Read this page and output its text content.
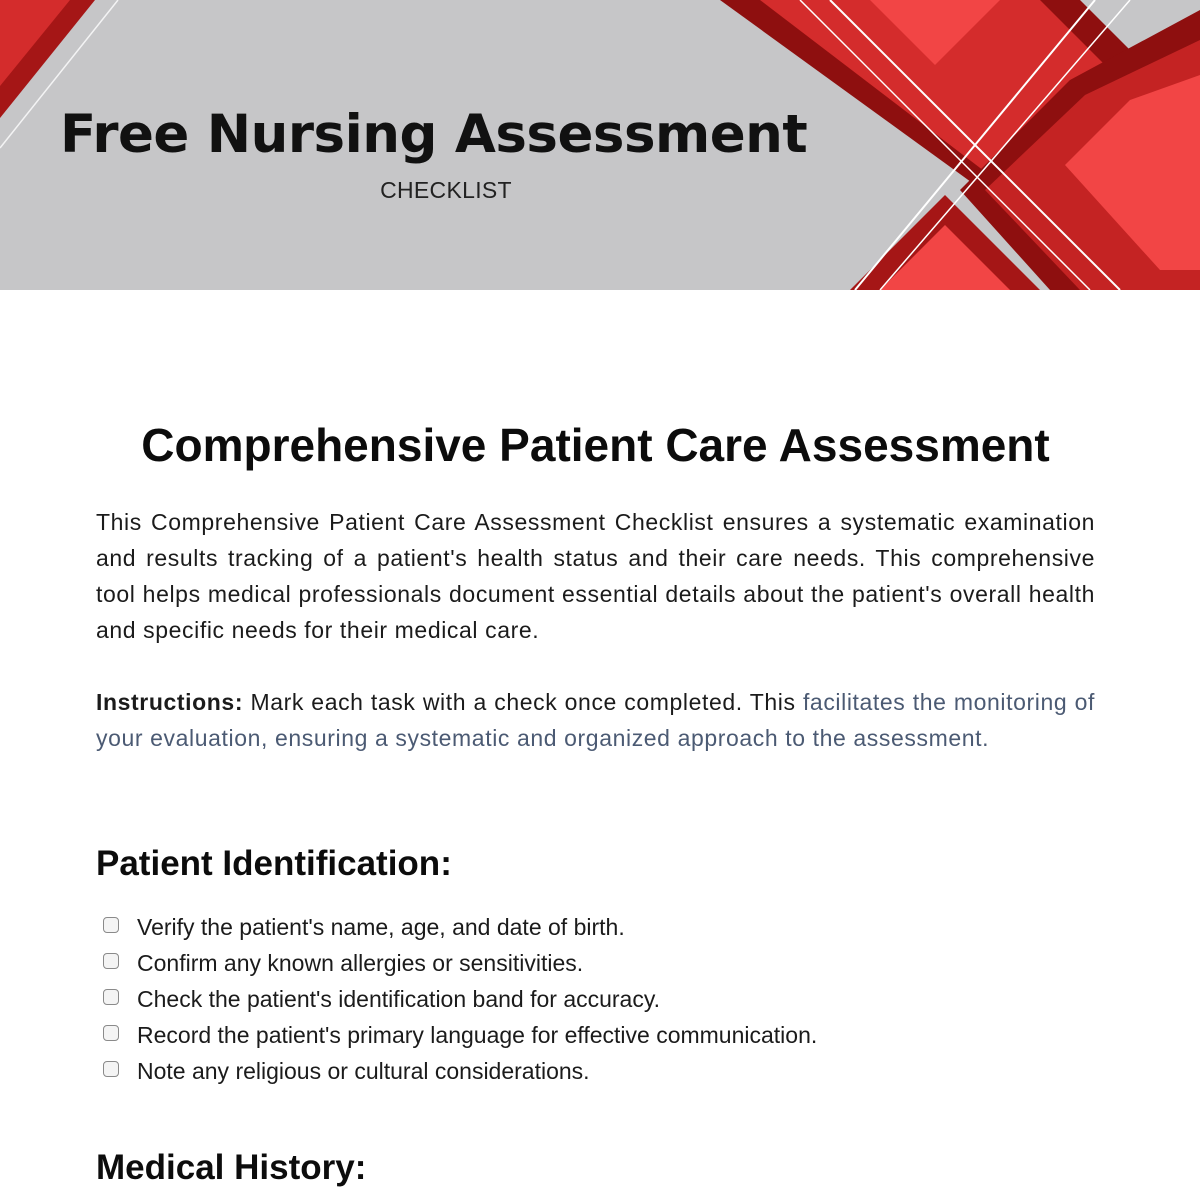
Free Nursing Assessment
CHECKLIST
Comprehensive Patient Care Assessment

This Comprehensive Patient Care Assessment Checklist ensures a systematic examination and results tracking of a patient's health status and their care needs. This comprehensive tool helps medical professionals document essential details about the patient's overall health and specific needs for their medical care.

Instructions: Mark each task with a check once completed. This facilitates the monitoring of your evaluation, ensuring a systematic and organized approach to the assessment.

Patient Identification:
Verify the patient's name, age, and date of birth.
Confirm any known allergies or sensitivities.
Check the patient's identification band for accuracy.
Record the patient's primary language for effective communication.
Note any religious or cultural considerations.
Medical History:
